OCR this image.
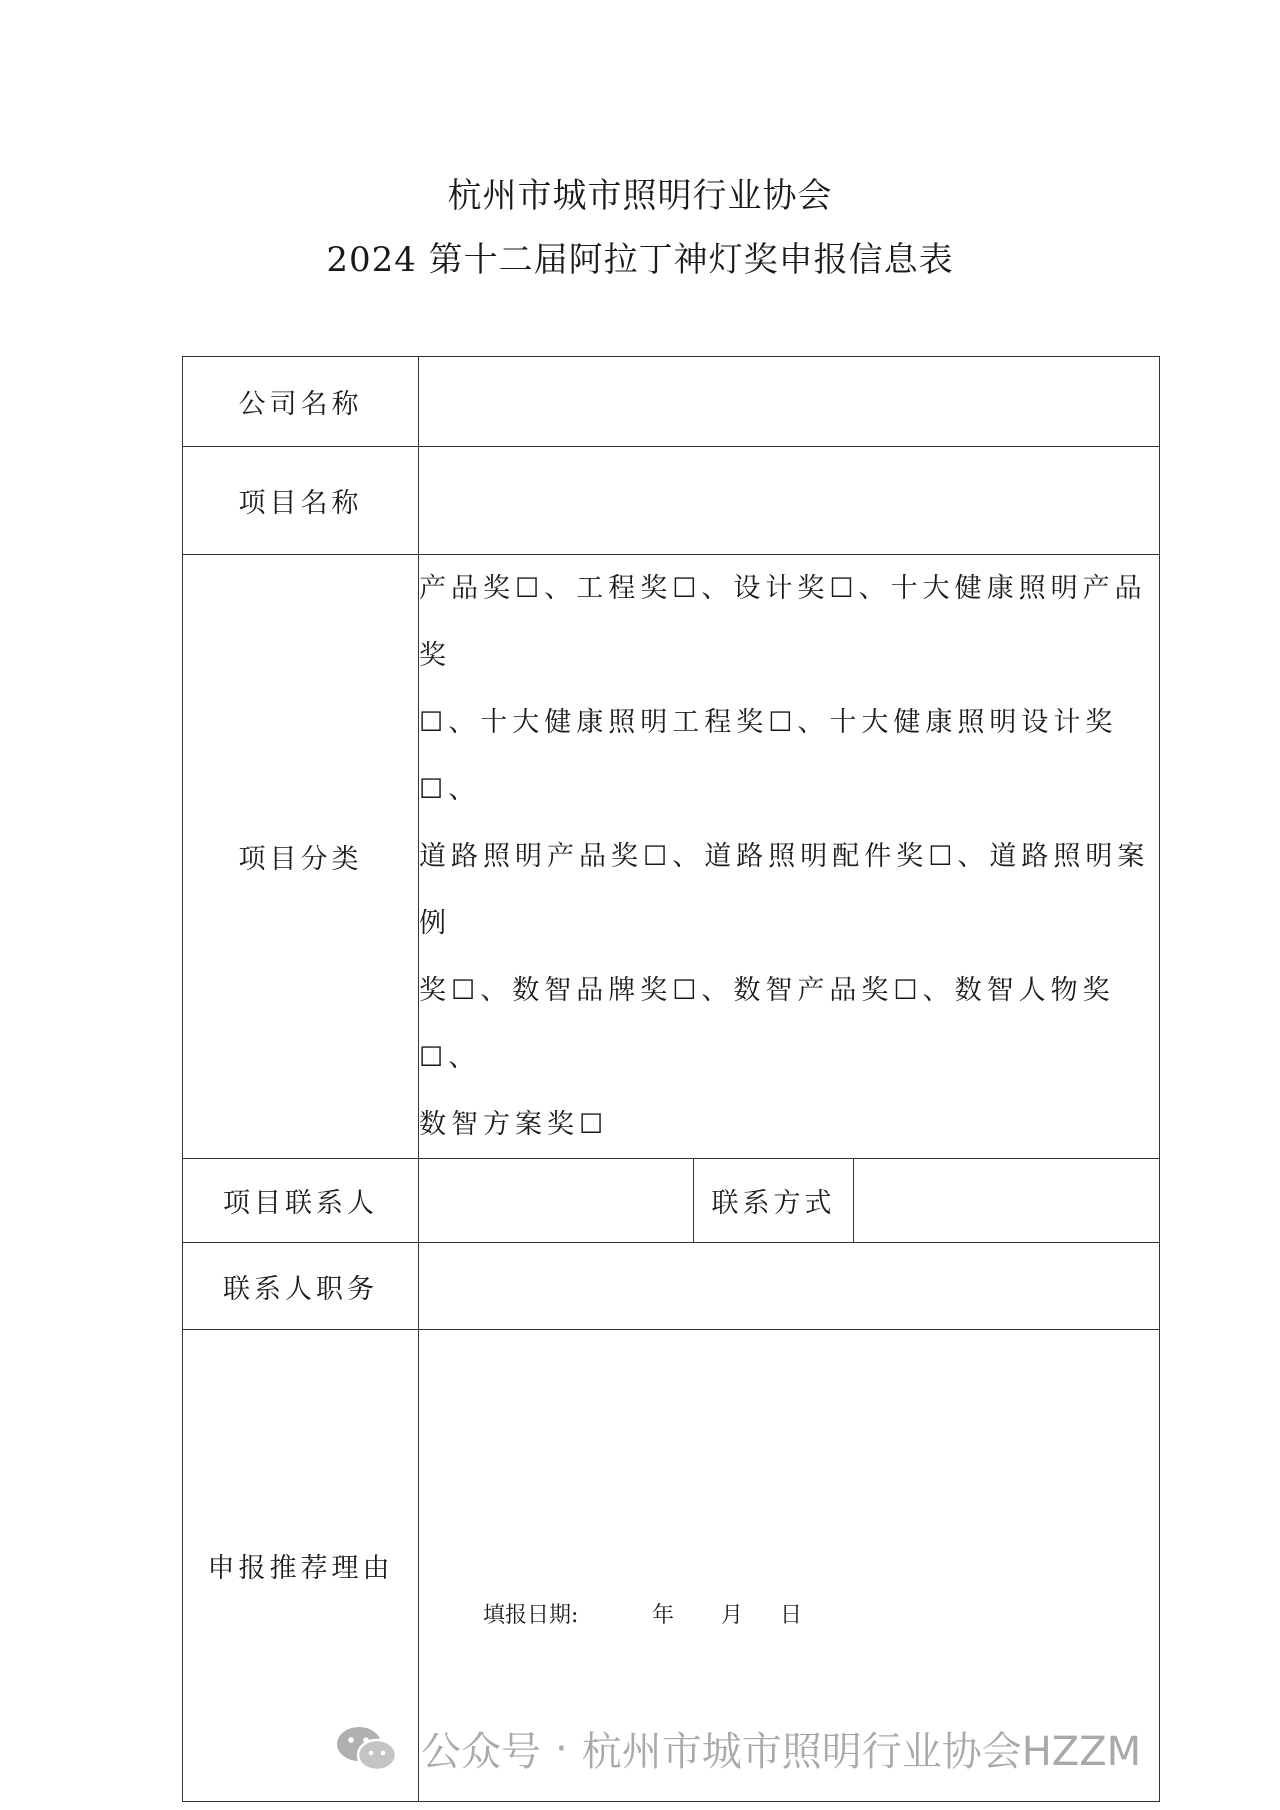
杭州市城市照明行业协会
2024 第十二届阿拉丁神灯奖申报信息表
公司名称			
项目名称			
项目分类	产品奖☐、工程奖☐、设计奖☐、十大健康照明产品奖
☐、十大健康照明工程奖☐、十大健康照明设计奖☐、
道路照明产品奖☐、道路照明配件奖☐、道路照明案例
奖☐、数智品牌奖☐、数智产品奖☐、数智人物奖☐、
数智方案奖☐		

项目联系人		联系方式	
联系人职务			
申报推荐理由			
填报日期:	年 月 日
公众号 · 杭州市城市照明行业协会HZZM
